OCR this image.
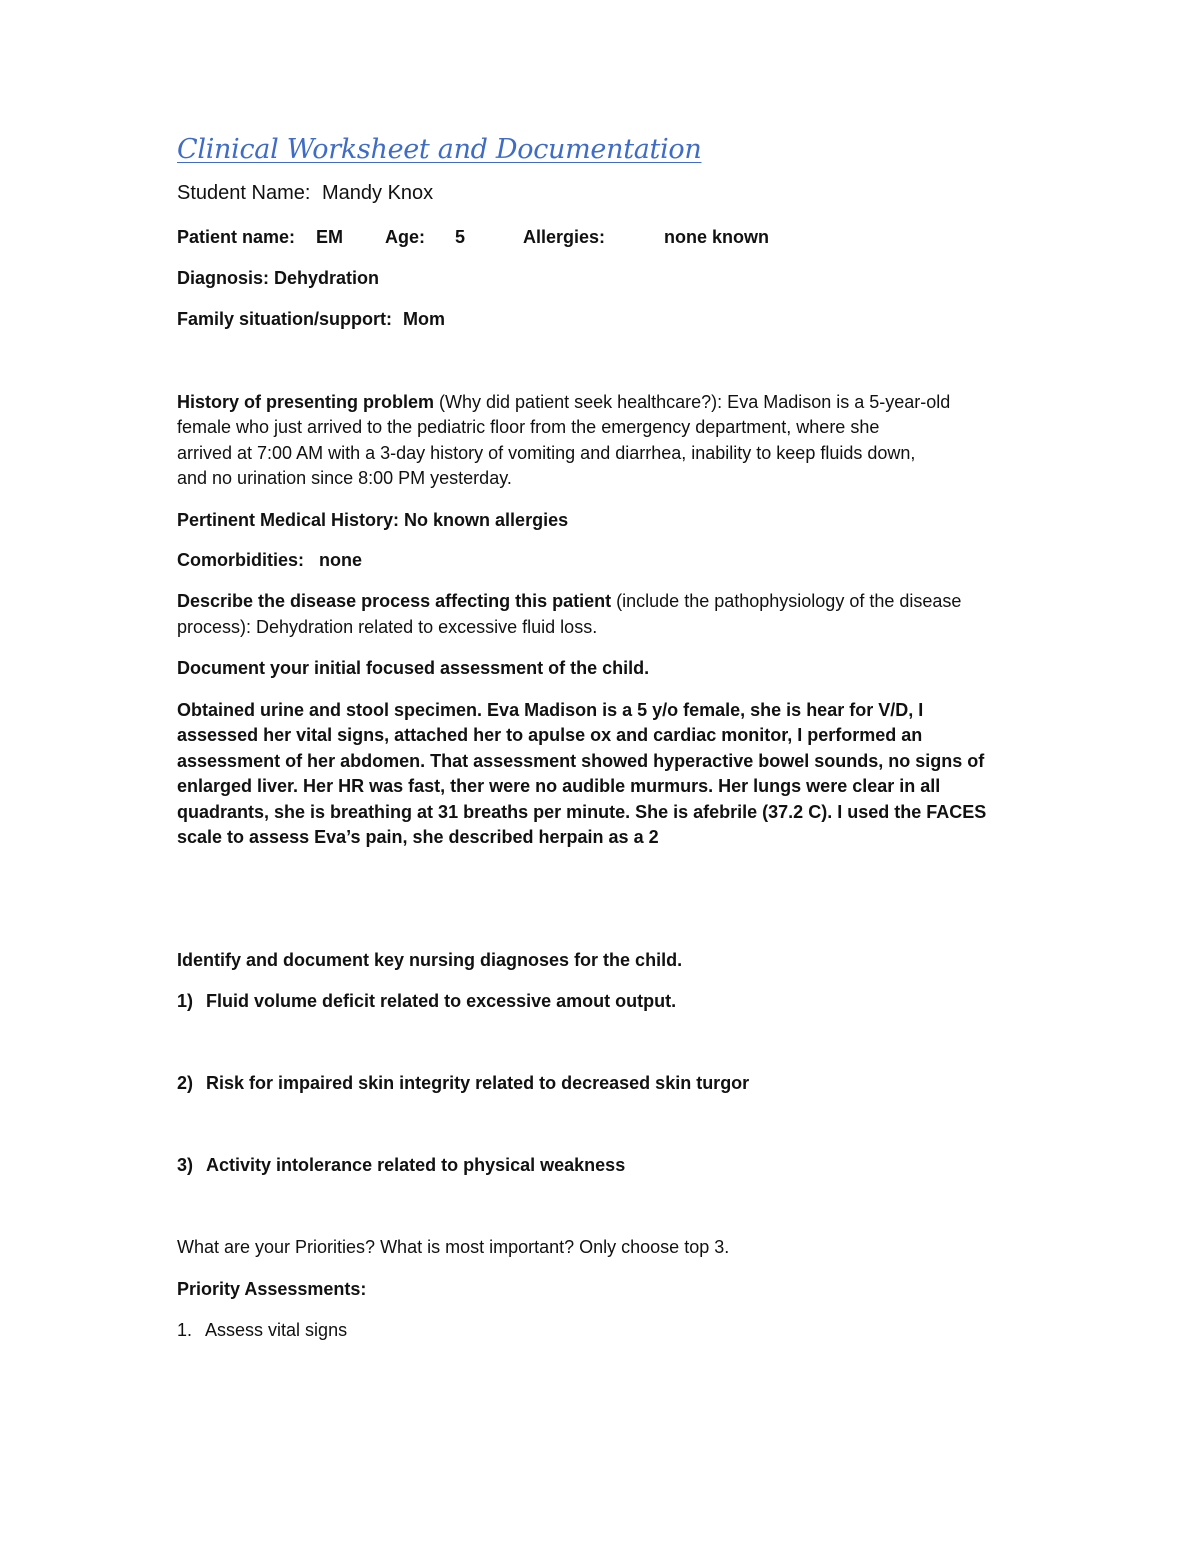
Clinical Worksheet and Documentation
Student Name: Mandy Knox
Patient name: EM Age: 5	Allergies:	none known
Diagnosis: Dehydration
Family situation/support: Mom
History of presenting problem (Why did patient seek healthcare?): Eva Madison is a 5-year-old
female who just arrived to the pediatric floor from the emergency department, where she
arrived at 7:00 AM with a 3-day history of vomiting and diarrhea, inability to keep fluids down,
and no urination since 8:00 PM yesterday.
Pertinent Medical History: No known allergies
Comorbidities: none
Describe the disease process affecting this patient (include the pathophysiology of the disease
process): Dehydration related to excessive fluid loss.
Document your initial focused assessment of the child.
Obtained urine and stool specimen. Eva Madison is a 5 y/o female, she is hear for V/D, I
assessed her vital signs, attached her to apulse ox and cardiac monitor, I performed an
assessment of her abdomen. That assessment showed hyperactive bowel sounds, no signs of
enlarged liver. Her HR was fast, ther were no audible murmurs. Her lungs were clear in all
quadrants, she is breathing at 31 breaths per minute. She is afebrile (37.2 C). I used the FACES
scale to assess Eva’s pain, she described herpain as a 2
Identify and document key nursing diagnoses for the child.
1) Fluid volume deficit related to excessive amout output.
2) Risk for impaired skin integrity related to decreased skin turgor
3) Activity intolerance related to physical weakness
What are your Priorities? What is most important? Only choose top 3.
Priority Assessments:
1. Assess vital signs
